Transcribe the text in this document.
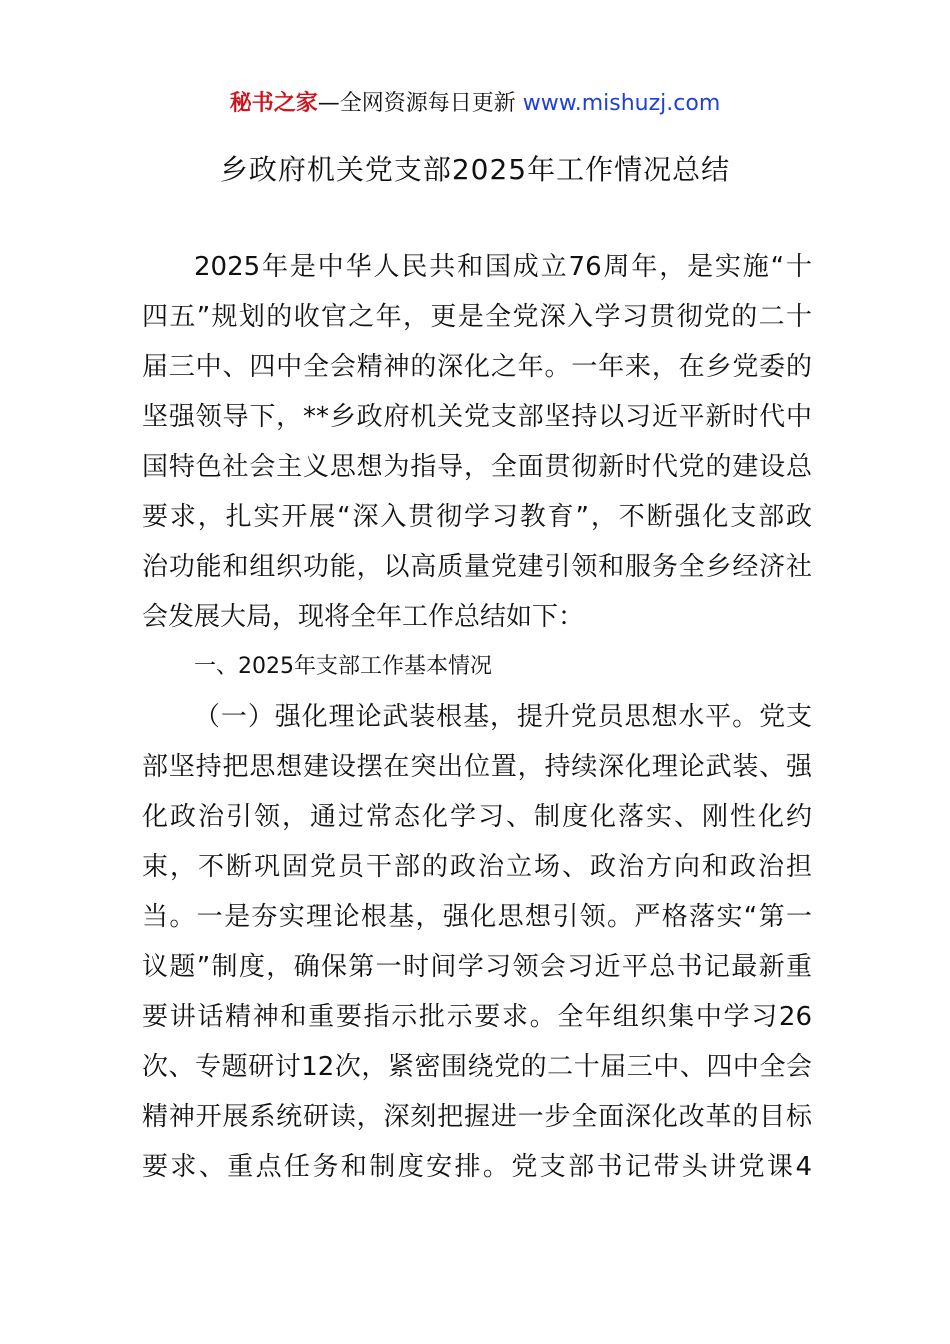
秘书之家—全网资源每日更新 www.mishuzj.com
乡政府机关党支部2025年工作情况总结
2025年是中华人民共和国成立76周年，是实施“十
四五”规划的收官之年，更是全党深入学习贯彻党的二十
届三中、四中全会精神的深化之年。一年来，在乡党委的
坚强领导下，**乡政府机关党支部坚持以习近平新时代中
国特色社会主义思想为指导，全面贯彻新时代党的建设总
要求，扎实开展“深入贯彻学习教育”，不断强化支部政
治功能和组织功能，以高质量党建引领和服务全乡经济社
会发展大局，现将全年工作总结如下：
一、2025年支部工作基本情况
（一）强化理论武装根基，提升党员思想水平。党支
部坚持把思想建设摆在突出位置，持续深化理论武装、强
化政治引领，通过常态化学习、制度化落实、刚性化约
束，不断巩固党员干部的政治立场、政治方向和政治担
当。一是夯实理论根基，强化思想引领。严格落实“第一
议题”制度，确保第一时间学习领会习近平总书记最新重
要讲话精神和重要指示批示要求。全年组织集中学习26
次、专题研讨12次，紧密围绕党的二十届三中、四中全会
精神开展系统研读，深刻把握进一步全面深化改革的目标
要求、重点任务和制度安排。党支部书记带头讲党课4
